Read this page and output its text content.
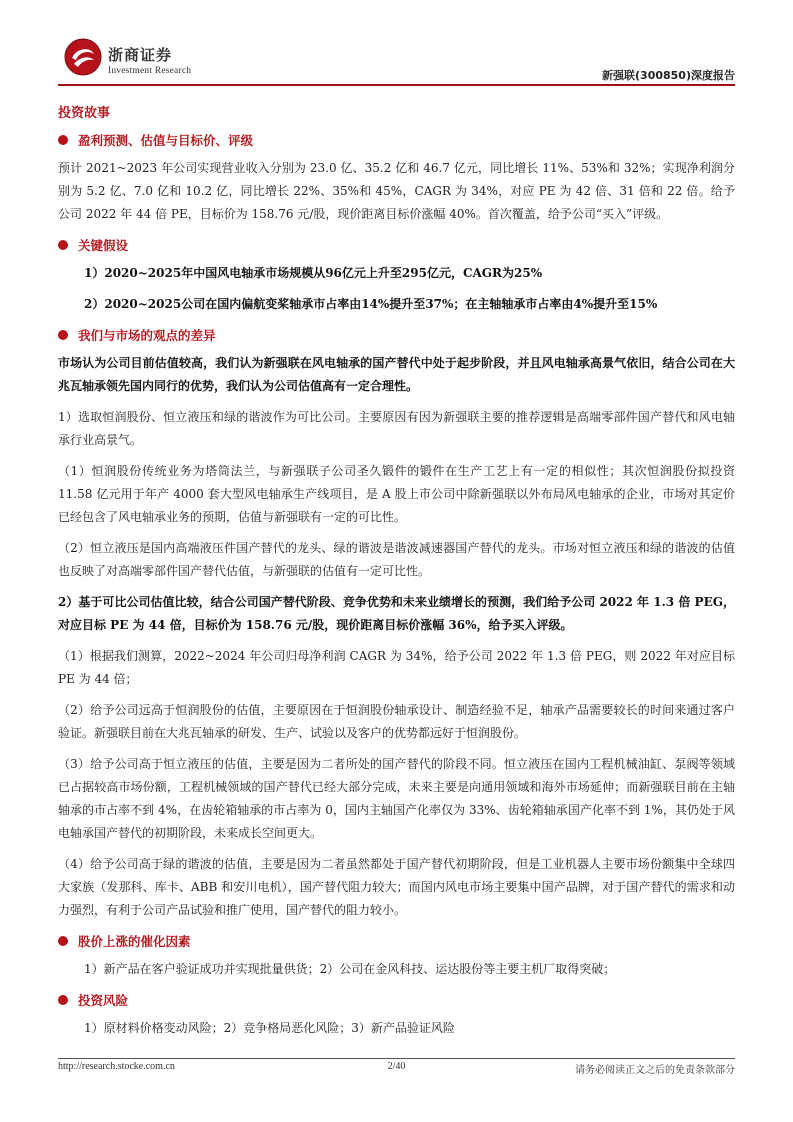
浙商证券
Investment Research	新强联(300850)深度报告
投资故事
盈利预测、估值与目标价、评级

预计 2021~2023 年公司实现营业收入分别为 23.0 亿、35.2 亿和 46.7 亿元，同比增长 11%、53%和 32%；实现净利润分别为 5.2 亿、7.0 亿和 10.2 亿，同比增长 22%、35%和 45%，CAGR 为 34%，对应 PE 为 42 倍、31 倍和 22 倍。给予公司 2022 年 44 倍 PE，目标价为 158.76 元/股，现价距离目标价涨幅 40%。首次覆盖，给予公司“买入”评级。

关键假设

1）2020~2025年中国风电轴承市场规模从96亿元上升至295亿元，CAGR为25%

2）2020~2025公司在国内偏航变桨轴承市占率由14%提升至37%；在主轴轴承市占率由4%提升至15%

我们与市场的观点的差异

市场认为公司目前估值较高，我们认为新强联在风电轴承的国产替代中处于起步阶段，并且风电轴承高景气依旧，结合公司在大兆瓦轴承领先国内同行的优势，我们认为公司估值高有一定合理性。

1）选取恒润股份、恒立液压和绿的谐波作为可比公司。主要原因有因为新强联主要的推荐逻辑是高端零部件国产替代和风电轴承行业高景气。

（1）恒润股份传统业务为塔筒法兰，与新强联子公司圣久锻件的锻件在生产工艺上有一定的相似性；其次恒润股份拟投资 11.58 亿元用于年产 4000 套大型风电轴承生产线项目，是 A 股上市公司中除新强联以外布局风电轴承的企业，市场对其定价已经包含了风电轴承业务的预期，估值与新强联有一定的可比性。

（2）恒立液压是国内高端液压件国产替代的龙头、绿的谐波是谐波减速器国产替代的龙头。市场对恒立液压和绿的谐波的估值也反映了对高端零部件国产替代估值，与新强联的估值有一定可比性。

2）基于可比公司估值比较，结合公司国产替代阶段、竞争优势和未来业绩增长的预测，我们给予公司 2022 年 1.3 倍 PEG，对应目标 PE 为 44 倍，目标价为 158.76 元/股，现价距离目标价涨幅 36%，给予买入评级。

（1）根据我们测算，2022~2024 年公司归母净利润 CAGR 为 34%，给予公司 2022 年 1.3 倍 PEG，则 2022 年对应目标 PE 为 44 倍；

（2）给予公司远高于恒润股份的估值，主要原因在于恒润股份轴承设计、制造经验不足，轴承产品需要较长的时间来通过客户验证。新强联目前在大兆瓦轴承的研发、生产、试验以及客户的优势都远好于恒润股份。

（3）给予公司高于恒立液压的估值，主要是因为二者所处的国产替代的阶段不同。恒立液压在国内工程机械油缸、泵阀等领域已占据较高市场份额，工程机械领域的国产替代已经大部分完成，未来主要是向通用领域和海外市场延伸；而新强联目前在主轴轴承的市占率不到 4%，在齿轮箱轴承的市占率为 0，国内主轴国产化率仅为 33%、齿轮箱轴承国产化率不到 1%，其仍处于风电轴承国产替代的初期阶段，未来成长空间更大。

（4）给予公司高于绿的谐波的估值，主要是因为二者虽然都处于国产替代初期阶段，但是工业机器人主要市场份额集中全球四大家族（发那科、库卡、ABB 和安川电机），国产替代阻力较大；而国内风电市场主要集中国产品牌，对于国产替代的需求和动力强烈，有利于公司产品试验和推广使用，国产替代的阻力较小。

股价上涨的催化因素

1）新产品在客户验证成功并实现批量供货；2）公司在金风科技、运达股份等主要主机厂取得突破；

投资风险

1）原材料价格变动风险；2）竞争格局恶化风险；3）新产品验证风险

http://research.stocke.com.cn	2/40	请务必阅读正文之后的免责条款部分
